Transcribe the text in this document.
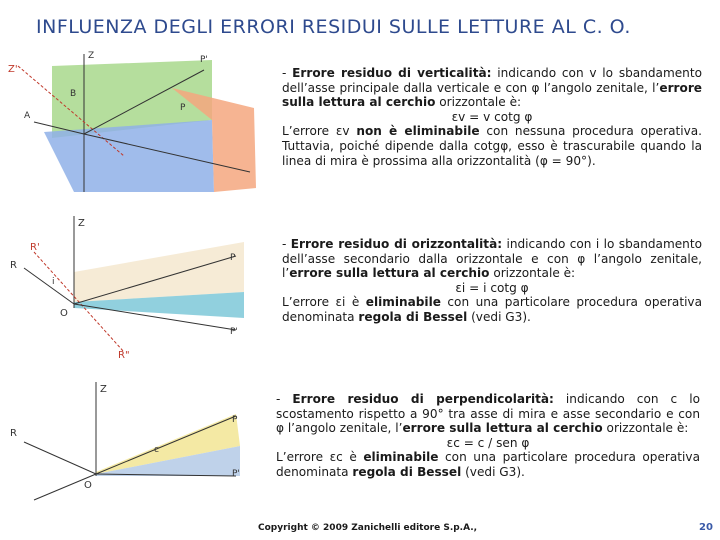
INFLUENZA DEGLI ERRORI RESIDUI SULLE LETTURE AL C. O.
Z'
Z	P'
B
A
P
Z
R'
R
O
P
P'
R"
i
Z
R
O
P
P'
c

- Errore residuo di verticalità: indicando con v lo sbandamento dell’asse principale dalla verticale e con φ l’angolo zenitale, l’errore sulla lettura al cerchio orizzontale è:

εv = v cotg φ

L’errore εv non è eliminabile con nessuna procedura operativa. Tuttavia, poiché dipende dalla cotgφ, esso è trascurabile quando la linea di mira è prossima alla orizzontalità (φ = 90°).

- Errore residuo di orizzontalità: indicando con i lo sbandamento dell’asse secondario dalla orizzontale e con φ l’angolo zenitale, l’errore sulla lettura al cerchio orizzontale è:

εi = i cotg φ

L’errore εi è eliminabile con una particolare procedura operativa denominata regola di Bessel (vedi G3).

- Errore residuo di perpendicolarità: indicando con c lo scostamento rispetto a 90° tra asse di mira e asse secondario e con φ l’angolo zenitale, l’errore sulla lettura al cerchio orizzontale è:

εc = c / sen φ

L’errore εc è eliminabile con una particolare procedura operativa denominata regola di Bessel (vedi G3).

Copyright © 2009 Zanichelli editore S.p.A.,	20
